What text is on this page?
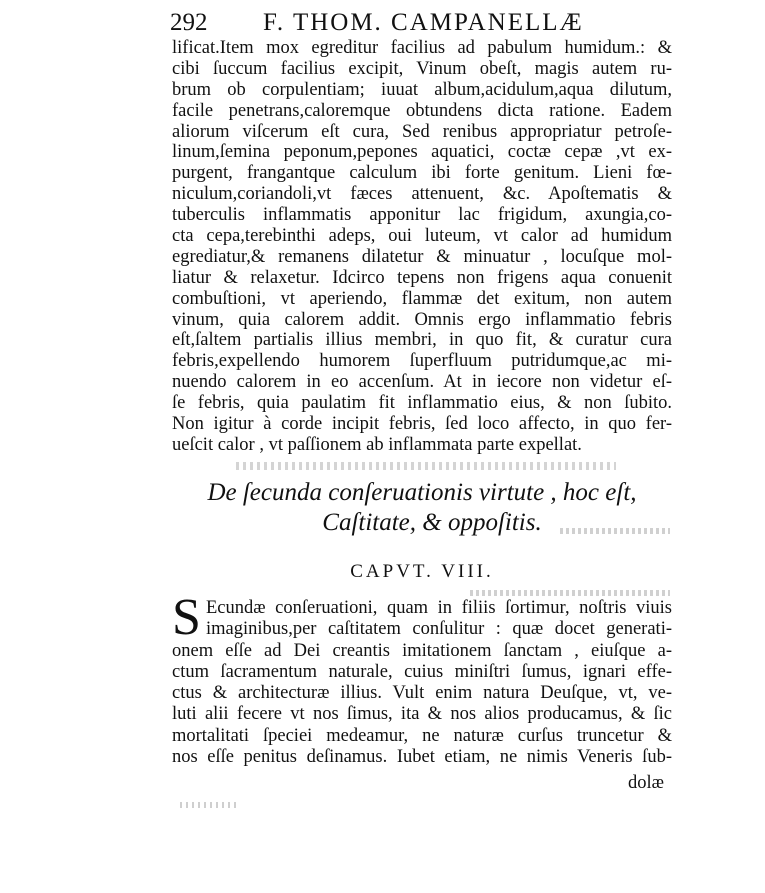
292 F. THOM. CAMPANELLÆ
lificat.Item mox egreditur facilius ad pabulum humidum.: &
cibi ſuccum facilius excipit, Vinum obeſt, magis autem ru-
brum ob corpulentiam; iuuat album,acidulum,aqua dilutum,
facile penetrans,caloremque obtundens dicta ratione. Eadem
aliorum viſcerum eſt cura, Sed renibus appropriatur petroſe-
linum,ſemina peponum,pepones aquatici, coctæ cepæ ,vt ex-
purgent, frangantque calculum ibi forte genitum. Lieni fœ-
niculum,coriandoli,vt fæces attenuent, &c. Apoſtematis &
tuberculis inflammatis apponitur lac frigidum, axungia,co-
cta cepa,terebinthi adeps, oui luteum, vt calor ad humidum
egrediatur,& remanens dilatetur & minuatur , locuſque mol-
liatur & relaxetur. Idcirco tepens non frigens aqua conuenit
combuſtioni, vt aperiendo, flammæ det exitum, non autem
vinum, quia calorem addit. Omnis ergo inflammatio febris
eſt,ſaltem partialis illius membri, in quo fit, & curatur cura
febris,expellendo humorem ſuperfluum putridumque,ac mi-
nuendo calorem in eo accenſum. At in iecore non videtur eſ-
ſe febris, quia paulatim fit inflammatio eius, & non ſubito.
Non igitur à corde incipit febris, ſed loco affecto, in quo fer-
ueſcit calor , vt paſſionem ab inflammata parte expellat.
De ſecunda conſeruationis virtute , hoc eſt,
Caſtitate, & oppoſitis.
CAPVT. VIII.
S Ecundæ conſeruationi, quam in filiis ſortimur, noſtris viuis
imaginibus,per caſtitatem conſulitur : quæ docet generati-
onem eſſe ad Dei creantis imitationem ſanctam , eiuſque a-
ctum ſacramentum naturale, cuius miniſtri ſumus, ignari effe-
ctus & architecturæ illius. Vult enim natura Deuſque, vt, ve-
luti alii fecere vt nos ſimus, ita & nos alios producamus, & ſic
mortalitati ſpeciei medeamur, ne naturæ curſus truncetur &
nos eſſe penitus deſinamus. Iubet etiam, ne nimis Veneris ſub-
dolæ
